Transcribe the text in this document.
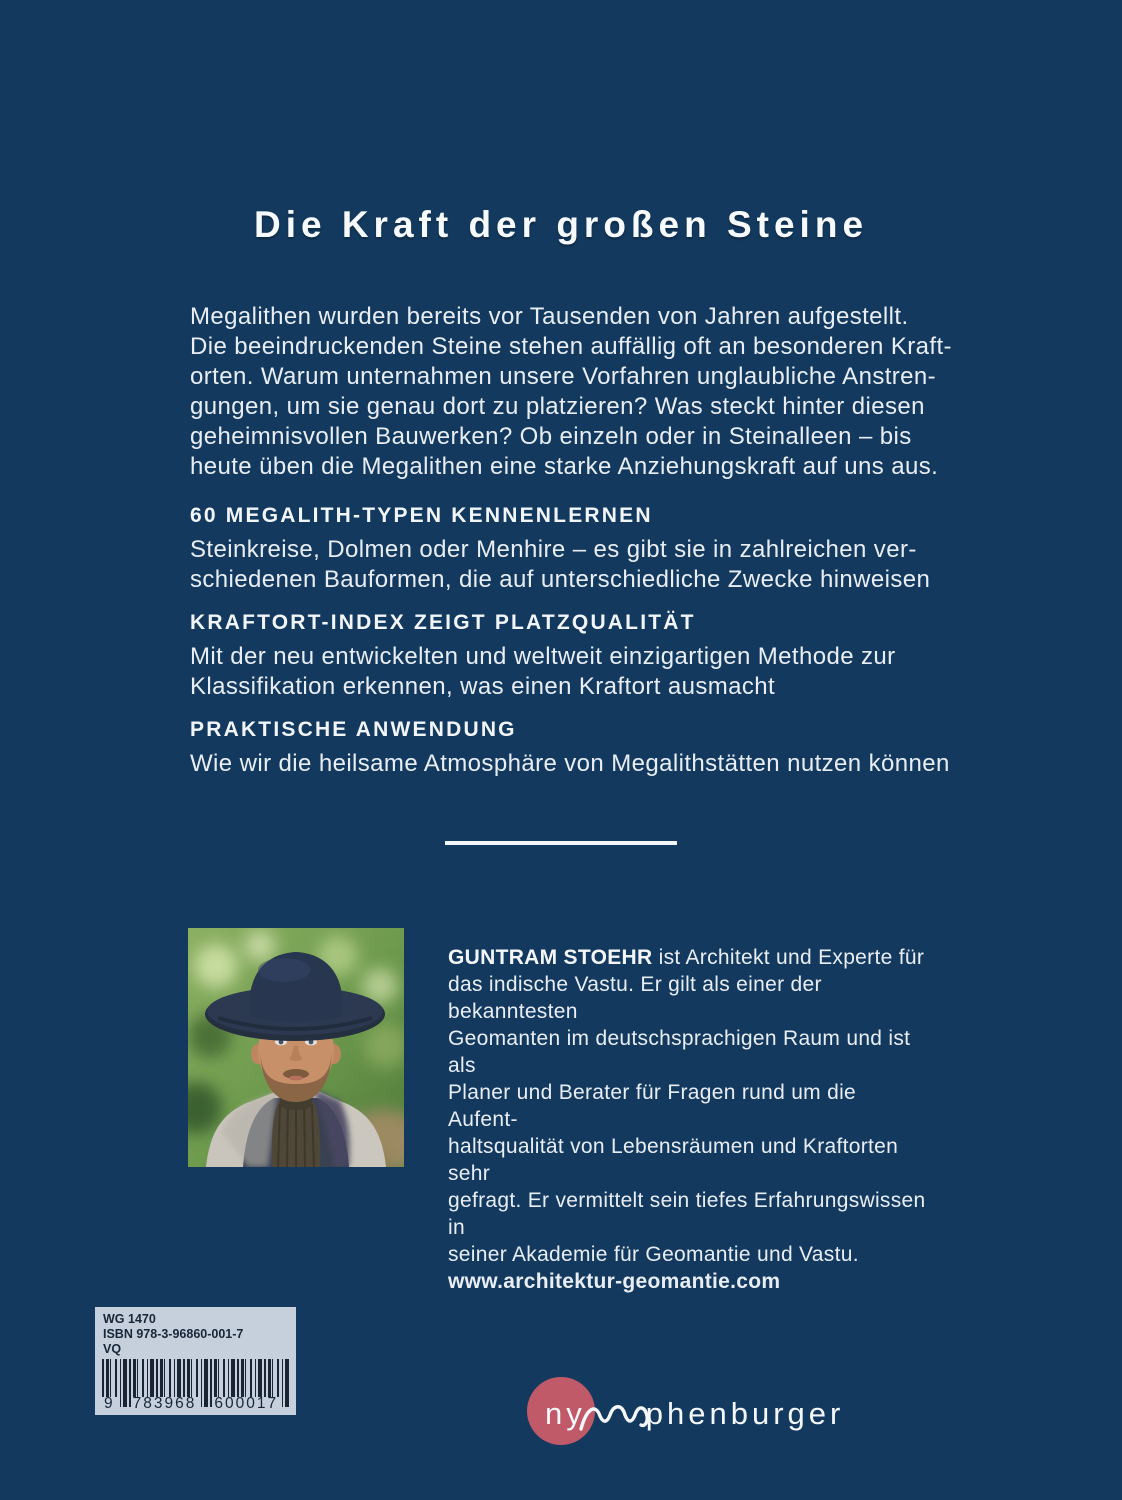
Die Kraft der großen Steine
Megalithen wurden bereits vor Tausenden von Jahren aufgestellt.
Die beeindruckenden Steine stehen auffällig oft an besonderen Kraft-
orten. Warum unternahmen unsere Vorfahren unglaubliche Anstren-
gungen, um sie genau dort zu platzieren? Was steckt hinter diesen
geheimnisvollen Bauwerken? Ob einzeln oder in Steinalleen – bis
heute üben die Megalithen eine starke Anziehungskraft auf uns aus.
60 MEGALITH-TYPEN KENNENLERNEN
Steinkreise, Dolmen oder Menhire – es gibt sie in zahlreichen ver-
schiedenen Bauformen, die auf unterschiedliche Zwecke hinweisen
KRAFTORT-INDEX ZEIGT PLATZQUALITÄT
Mit der neu entwickelten und weltweit einzigartigen Methode zur
Klassifikation erkennen, was einen Kraftort ausmacht
PRAKTISCHE ANWENDUNG
Wie wir die heilsame Atmosphäre von Megalithstätten nutzen können
GUNTRAM STOEHR ist Architekt und Experte für
das indische Vastu. Er gilt als einer der bekanntesten
Geomanten im deutschsprachigen Raum und ist als
Planer und Berater für Fragen rund um die Aufent-
haltsqualität von Lebensräumen und Kraftorten sehr
gefragt. Er vermittelt sein tiefes Erfahrungswissen in
seiner Akademie für Geomantie und Vastu.
www.architektur-geomantie.com
WG 1470
ISBN 978-3-96860-001-7
VQ
9 783968 600017	ny phenburger
